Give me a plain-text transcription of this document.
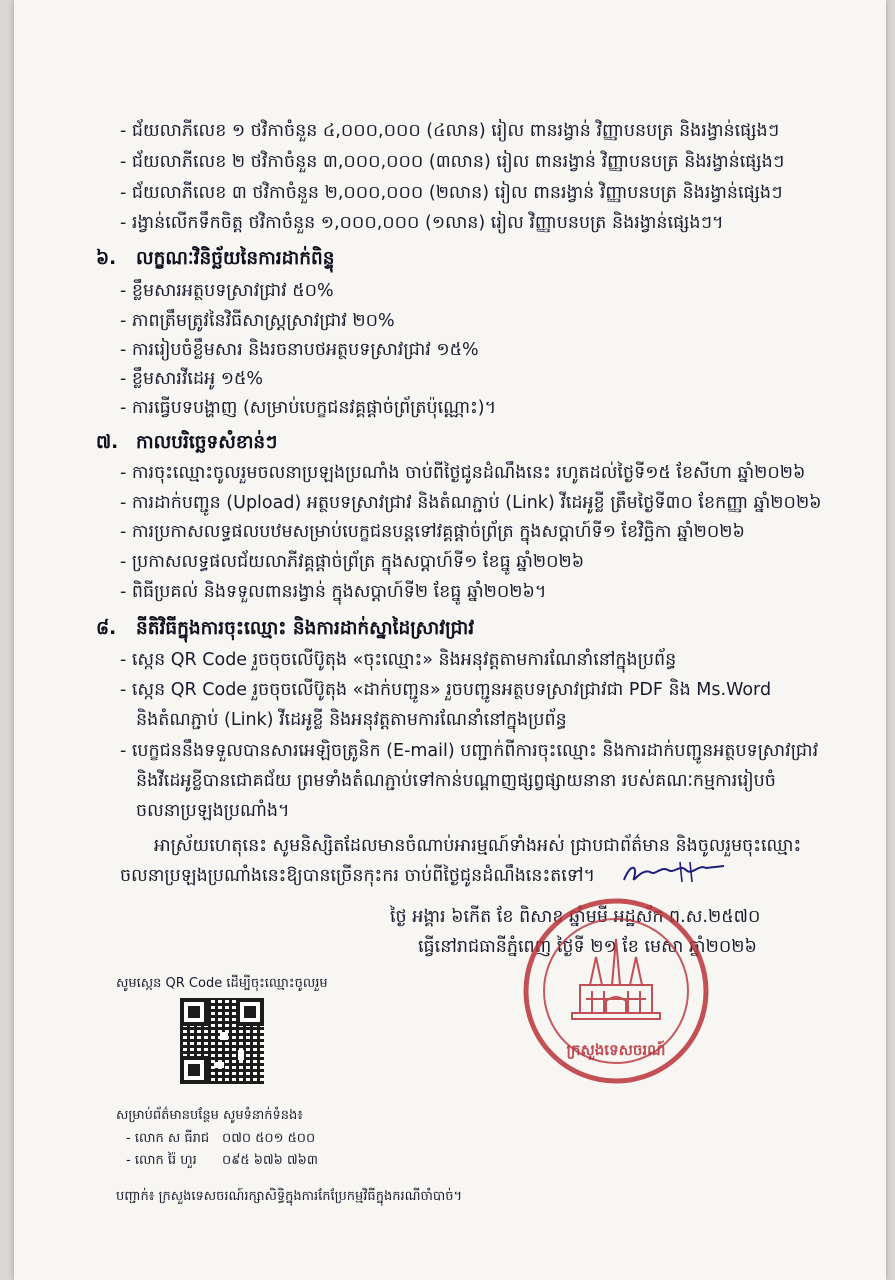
- ជ័យលាភីលេខ ១ ថវិកាចំនួន ៤,០០០,០០០ (៤លាន) រៀល ពានរង្វាន់ វិញ្ញាបនបត្រ និងរង្វាន់ផ្សេងៗ
- ជ័យលាភីលេខ ២ ថវិកាចំនួន ៣,០០០,០០០ (៣លាន) រៀល ពានរង្វាន់ វិញ្ញាបនបត្រ និងរង្វាន់ផ្សេងៗ
- ជ័យលាភីលេខ ៣ ថវិកាចំនួន ២,០០០,០០០ (២លាន) រៀល ពានរង្វាន់ វិញ្ញាបនបត្រ និងរង្វាន់ផ្សេងៗ
- រង្វាន់លើកទឹកចិត្ត ថវិកាចំនួន ១,០០០,០០០ (១លាន) រៀល វិញ្ញាបនបត្រ និងរង្វាន់ផ្សេងៗ។
៦. លក្ខណៈវិនិច្ឆ័យនៃការដាក់ពិន្ទុ
- ខ្លឹមសារអត្ថបទស្រាវជ្រាវ ៥០%
- ភាពត្រឹមត្រូវនៃវិធីសាស្ត្រស្រាវជ្រាវ ២០%
- ការរៀបចំខ្លឹមសារ និងរចនាបថអត្ថបទស្រាវជ្រាវ ១៥%
- ខ្លឹមសារវីដេអូ ១៥%
- ការធ្វើបទបង្ហាញ (សម្រាប់បេក្ខជនវគ្គផ្តាច់ព្រ័ត្រប៉ុណ្ណោះ)។
៧. កាលបរិច្ឆេទសំខាន់ៗ
- ការចុះឈ្មោះចូលរួមចលនាប្រឡងប្រណាំង ចាប់ពីថ្ងៃជូនដំណឹងនេះ រហូតដល់ថ្ងៃទី១៥ ខែសីហា ឆ្នាំ២០២៦
- ការដាក់បញ្ជូន (Upload) អត្ថបទស្រាវជ្រាវ និងតំណភ្ជាប់ (Link) វីដេអូខ្លី ត្រឹមថ្ងៃទី៣០ ខែកញ្ញា ឆ្នាំ២០២៦
- ការប្រកាសលទ្ធផលបឋមសម្រាប់បេក្ខជនបន្តទៅវគ្គផ្តាច់ព្រ័ត្រ ក្នុងសប្តាហ៍ទី១ ខែវិច្ឆិកា ឆ្នាំ២០២៦
- ប្រកាសលទ្ធផលជ័យលាភីវគ្គផ្តាច់ព្រ័ត្រ ក្នុងសប្តាហ៍ទី១ ខែធ្នូ ឆ្នាំ២០២៦
- ពិធីប្រគល់ និងទទួលពានរង្វាន់ ក្នុងសប្តាហ៍ទី២ ខែធ្នូ ឆ្នាំ២០២៦។
៨. នីតិវិធីក្នុងការចុះឈ្មោះ និងការដាក់ស្នាដៃស្រាវជ្រាវ
- ស្កេន QR Code រួចចុចលើប៊ូតុង «ចុះឈ្មោះ» និងអនុវត្តតាមការណែនាំនៅក្នុងប្រព័ន្ធ
- ស្កេន QR Code រួចចុចលើប៊ូតុង «ដាក់បញ្ជូន» រួចបញ្ជូនអត្ថបទស្រាវជ្រាវជា PDF និង Ms.Word
និងតំណភ្ជាប់ (Link) វីដេអូខ្លី និងអនុវត្តតាមការណែនាំនៅក្នុងប្រព័ន្ធ
- បេក្ខជននឹងទទួលបានសារអេឡិចត្រូនិក (E-mail) បញ្ជាក់ពីការចុះឈ្មោះ និងការដាក់បញ្ជូនអត្ថបទស្រាវជ្រាវ
និងវីដេអូខ្លីបានជោគជ័យ ព្រមទាំងតំណភ្ជាប់ទៅកាន់បណ្តាញផ្សព្វផ្សាយនានា របស់គណៈកម្មការរៀបចំ
ចលនាប្រឡងប្រណាំង។
អាស្រ័យហេតុនេះ សូមនិស្សិតដែលមានចំណាប់អារម្មណ៍ទាំងអស់ ជ្រាបជាព័ត៌មាន និងចូលរួមចុះឈ្មោះ
ចលនាប្រឡងប្រណាំងនេះឱ្យបានច្រើនកុះករ ចាប់ពីថ្ងៃជូនដំណឹងនេះតទៅ។
ថ្ងៃ អង្គារ ៦កើត ខែ ពិសាខ ឆ្នាំមមី អដ្ឋស័ក ព.ស.២៥៧០
ធ្វើនៅរាជធានីភ្នំពេញ ថ្ងៃទី ២១ ខែ មេសា ឆ្នាំ២០២៦
ក្រសួងទេសចរណ៍
សូមស្កេន QR Code ដើម្បីចុះឈ្មោះចូលរួម
សម្រាប់ព័ត៌មានបន្ថែម សូមទំនាក់ទំនង៖
- លោក ស ធីរាជ ០៧០ ៥០១ ៥០០
- លោក រ៉ៃ ហួរ ០៩៥ ៦៧៦ ៧៦៣
បញ្ជាក់៖ ក្រសួងទេសចរណ៍រក្សាសិទ្ធិក្នុងការកែប្រែកម្មវិធីក្នុងករណីចាំបាច់។
